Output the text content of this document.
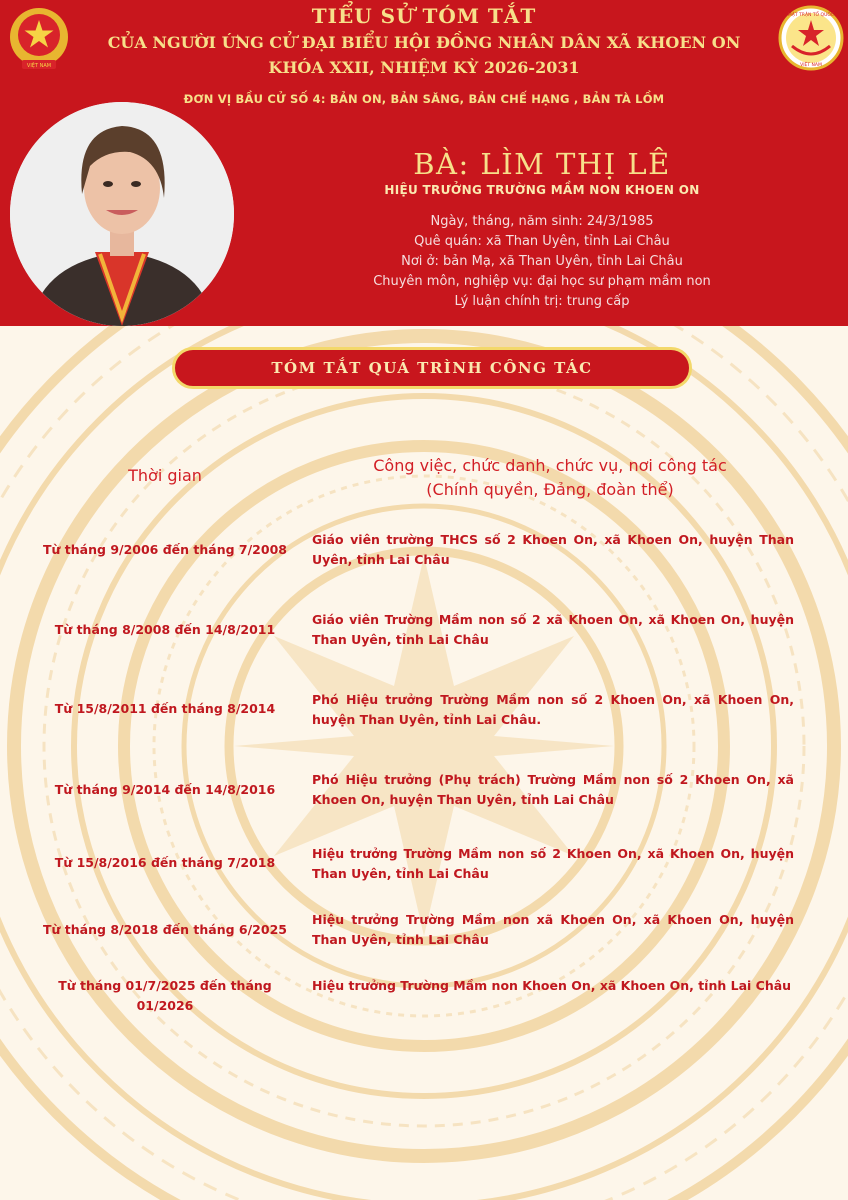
VIỆT NAM
TIỂU SỬ TÓM TẮT
CỦA NGƯỜI ỨNG CỬ ĐẠI BIỂU HỘI ĐỒNG NHÂN DÂN XÃ KHOEN ON
KHÓA XXII, NHIỆM KỲ 2026-2031
ĐƠN VỊ BẦU CỬ SỐ 4: BẢN ON, BẢN SĂNG, BẢN CHẾ HẠNG , BẢN TÀ LỒM
MẶT TRẬN TỔ QUỐC
VIỆT NAM
BÀ: LÌM THỊ LÊ
HIỆU TRƯỞNG TRƯỜNG MẦM NON KHOEN ON
Ngày, tháng, năm sinh: 24/3/1985
Quê quán: xã Than Uyên, tỉnh Lai Châu
Nơi ở: bản Mạ, xã Than Uyên, tỉnh Lai Châu
Chuyên môn, nghiệp vụ: đại học sư phạm mầm non
Lý luận chính trị: trung cấp
TÓM TẮT QUÁ TRÌNH CÔNG TÁC
Thời gian
Công việc, chức danh, chức vụ, nơi công tác
(Chính quyền, Đảng, đoàn thể)
Từ tháng 9/2006 đến tháng 7/2008
Giáo viên trường THCS số 2 Khoen On, xã Khoen On, huyện Than Uyên, tỉnh Lai Châu
Từ tháng 8/2008 đến 14/8/2011
Giáo viên Trường Mầm non số 2 xã Khoen On, xã Khoen On, huyện Than Uyên, tỉnh Lai Châu
Từ 15/8/2011 đến tháng 8/2014
Phó Hiệu trưởng Trường Mầm non số 2 Khoen On, xã Khoen On, huyện Than Uyên, tỉnh Lai Châu.
Từ tháng 9/2014 đến 14/8/2016
Phó Hiệu trưởng (Phụ trách) Trường Mầm non số 2 Khoen On, xã Khoen On, huyện Than Uyên, tỉnh Lai Châu
Từ 15/8/2016 đến tháng 7/2018
Hiệu trưởng Trường Mầm non số 2 Khoen On, xã Khoen On, huyện Than Uyên, tỉnh Lai Châu
Từ tháng 8/2018 đến tháng 6/2025
Hiệu trưởng Trường Mầm non xã Khoen On, xã Khoen On, huyện Than Uyên, tỉnh Lai Châu
Từ tháng 01/7/2025 đến tháng 01/2026
Hiệu trưởng Trường Mầm non Khoen On, xã Khoen On, tỉnh Lai Châu
